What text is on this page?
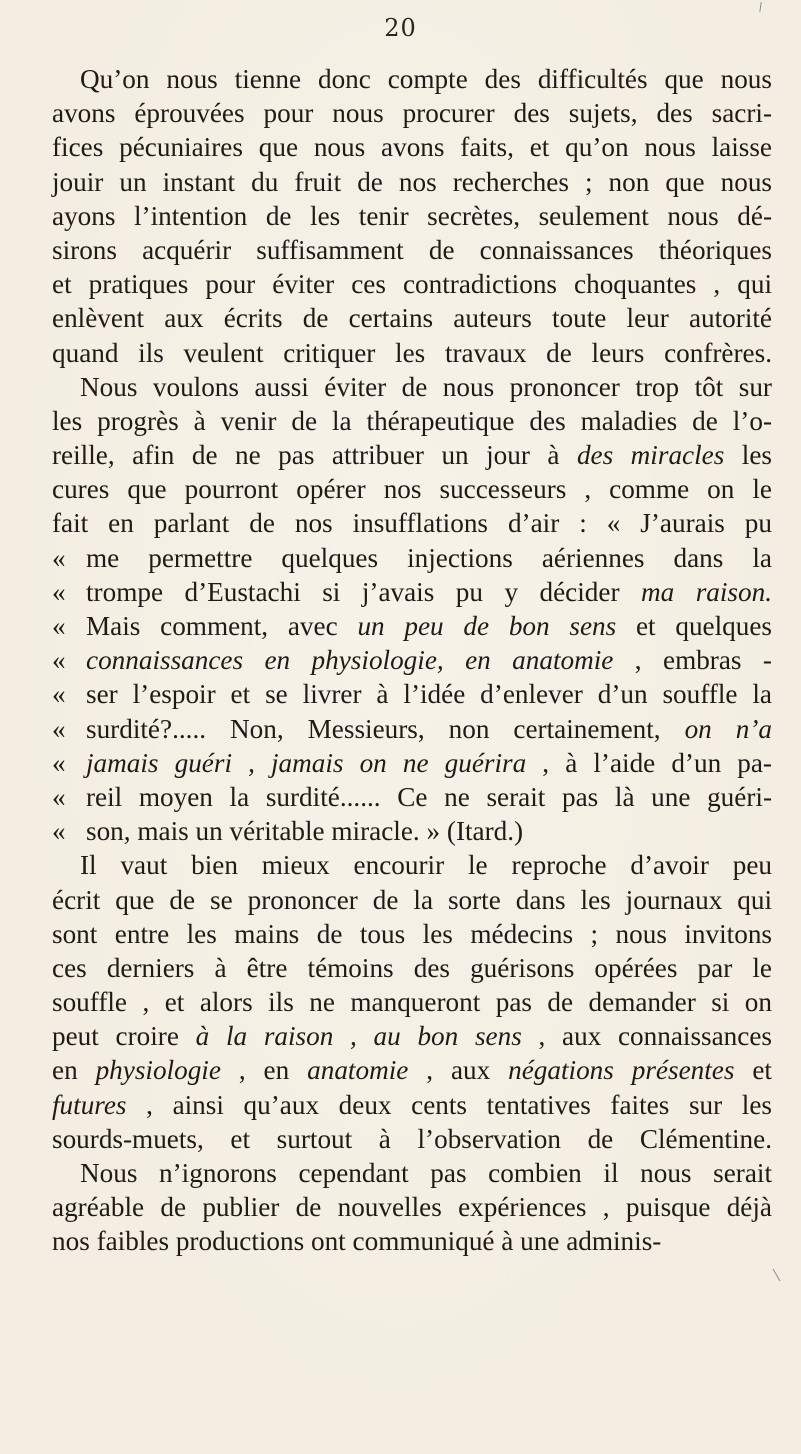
20
Qu’on nous tienne donc compte des difficultés que nous
avons éprouvées pour nous procurer des sujets, des sacri-
fices pécuniaires que nous avons faits, et qu’on nous laisse
jouir un instant du fruit de nos recherches ; non que nous
ayons l’intention de les tenir secrètes, seulement nous dé-
sirons acquérir suffisamment de connaissances théoriques
et pratiques pour éviter ces contradictions choquantes , qui
enlèvent aux écrits de certains auteurs toute leur autorité
quand ils veulent critiquer les travaux de leurs confrères.
Nous voulons aussi éviter de nous prononcer trop tôt sur
les progrès à venir de la thérapeutique des maladies de l’o-
reille, afin de ne pas attribuer un jour à des miracles les
cures que pourront opérer nos successeurs , comme on le
fait en parlant de nos insufflations d’air : « J’aurais pu
« me permettre quelques injections aériennes dans la
« trompe d’Eustachi si j’avais pu y décider ma raison.
« Mais comment, avec un peu de bon sens et quelques
« connaissances en physiologie, en anatomie , embras -
« ser l’espoir et se livrer à l’idée d’enlever d’un souffle la
« surdité?..... Non, Messieurs, non certainement, on n’a
« jamais guéri , jamais on ne guérira , à l’aide d’un pa-
« reil moyen la surdité...... Ce ne serait pas là une guéri-
« son, mais un véritable miracle. » (Itard.)
Il vaut bien mieux encourir le reproche d’avoir peu
écrit que de se prononcer de la sorte dans les journaux qui
sont entre les mains de tous les médecins ; nous invitons
ces derniers à être témoins des guérisons opérées par le
souffle , et alors ils ne manqueront pas de demander si on
peut croire à la raison , au bon sens , aux connaissances
en physiologie , en anatomie , aux négations présentes et
futures , ainsi qu’aux deux cents tentatives faites sur les
sourds-muets, et surtout à l’observation de Clémentine.
Nous n’ignorons cependant pas combien il nous serait
agréable de publier de nouvelles expériences , puisque déjà
nos faibles productions ont communiqué à une adminis-
